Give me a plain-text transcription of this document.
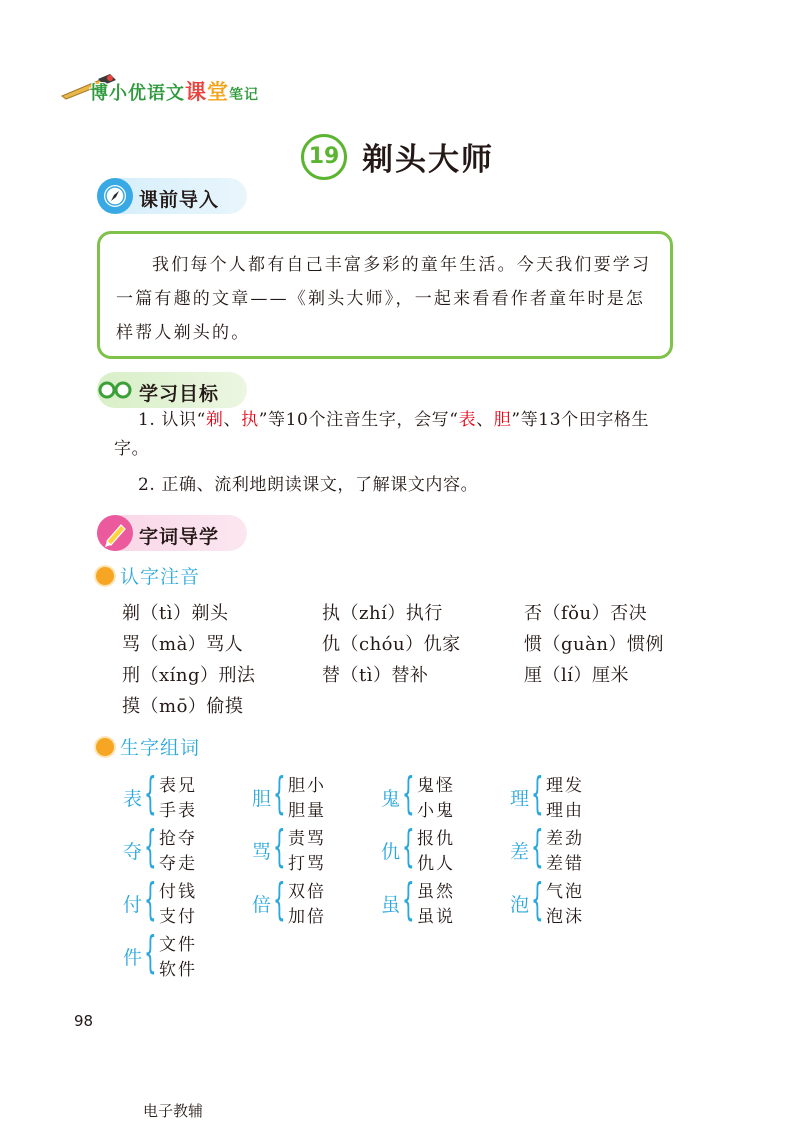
博小优语文课堂笔记
19 剃头大师
课前导入
我们每个人都有自己丰富多彩的童年生活。今天我们要学习一篇有趣的文章——《剃头大师》，一起来看看作者童年时是怎样帮人剃头的。
学习目标
1. 认识“剃、执”等10个注音生字，会写“表、胆”等13个田字格生字。
2. 正确、流利地朗读课文，了解课文内容。
字词导学
认字注音
剃（tì）剃头	执（zhí）执行	否（fǒu）否决
骂（mà）骂人	仇（chóu）仇家	惯（guàn）惯例
刑（xíng）刑法	替（tì）替补	厘（lí）厘米
摸（mō）偷摸
生字组词
表 { 表兄
手表
胆 { 胆小
胆量
鬼 { 鬼怪
小鬼
理 { 理发
理由
夺 { 抢夺
夺走
骂 { 责骂
打骂
仇 { 报仇
仇人
差 { 差劲
差错
付 { 付钱
支付
倍 { 双倍
加倍
虽 { 虽然
虽说
泡 { 气泡
泡沫
件 { 文件
软件
98
电子教辅
